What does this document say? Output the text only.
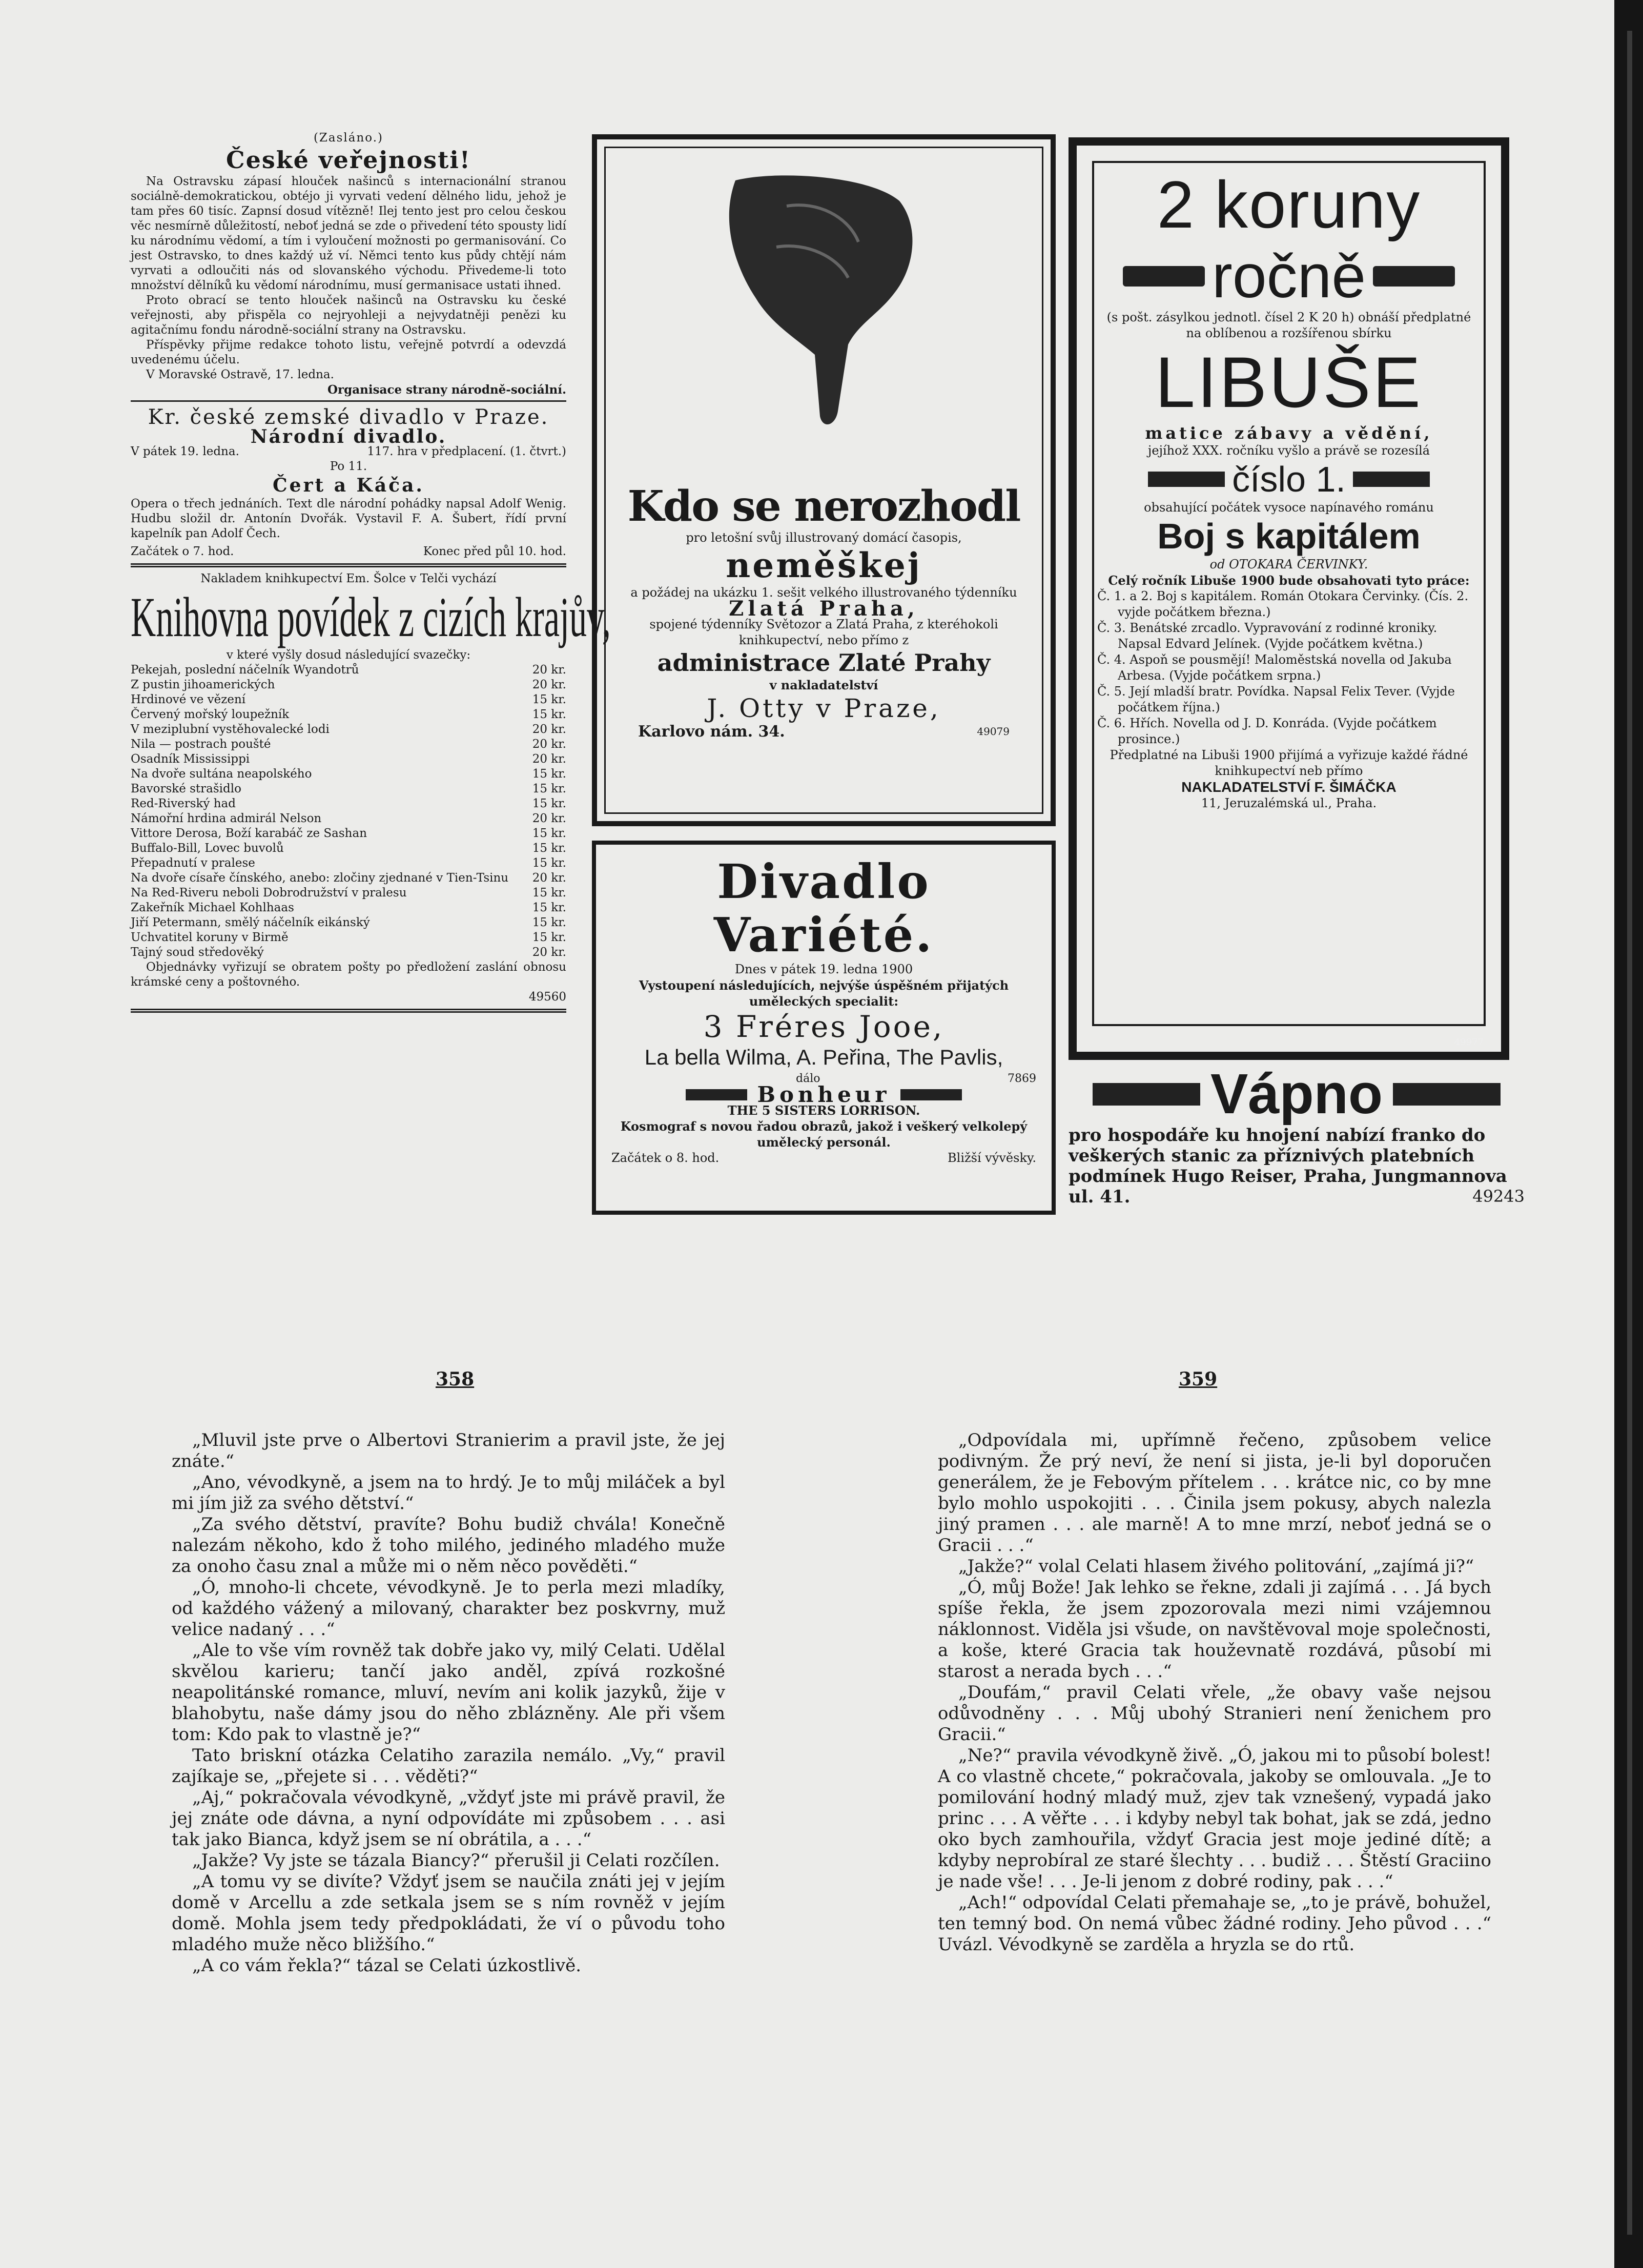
(Zasláno.)
České veřejnosti!
Na Ostravsku zápasí hlouček našinců s internacionální stranou sociálně-demokratickou, obtéjo ji vyrvati vedení dělného lidu, jehož je tam přes 60 tisíc. Zapnsí dosud vítězně! Ilej tento jest pro celou českou věc nesmírně důležitostí, neboť jedná se zde o přivedení této spousty lidí ku národnímu vědomí, a tím i vyloučení možnosti po germanisování. Co jest Ostravsko, to dnes každý už ví. Němci tento kus půdy chtějí nám vyrvati a odloučiti nás od slovanského východu. Přivedeme-li toto množství dělníků ku vědomí národnímu, musí germanisace ustati ihned.
Proto obrací se tento hlouček našinců na Ostravsku ku české veřejnosti, aby přispěla co nejryohleji a nejvydatněji penězi ku agitačnímu fondu národně-sociální strany na Ostravsku.
Příspěvky přijme redakce tohoto listu, veřejně potvrdí a odevzdá uvedenému účelu.
V Moravské Ostravě, 17. ledna.
Organisace strany národně-sociální.
Kr. české zemské divadlo v Praze.
Národní divadlo.
V pátek 19. ledna.	117. hra v předplacení. (1. čtvrt.)
Po 11.
Čert a Káča.
Opera o třech jednáních. Text dle národní pohádky napsal Adolf Wenig. Hudbu složil dr. Antonín Dvořák. Vystavil F. A. Šubert, řídí první kapelník pan Adolf Čech.
Začátek o 7. hod.	Konec před půl 10. hod.
Nakladem knihkupectví Em. Šolce v Telči vychází
Knihovna povídek z cizích krajův,
v které vyšly dosud následující svazečky:
Pekejah, poslední náčelník Wyandotrů	20 kr.
Z pustin jihoamerických	20 kr.
Hrdinové ve vězení	15 kr.
Červený mořský loupežník	15 kr.
V meziplubní vystěhovalecké lodi	20 kr.
Nila — postrach poušté	20 kr.
Osadník Mississippi	20 kr.
Na dvoře sultána neapolského	15 kr.
Bavorské strašidlo	15 kr.
Red-Riverský had	15 kr.
Námořní hrdina admirál Nelson	20 kr.
Vittore Derosa, Boží karabáč ze Sashan	15 kr.
Buffalo-Bill, Lovec buvolů	15 kr.
Přepadnutí v pralese	15 kr.
Na dvoře císaře čínského, anebo: zločiny zjednané v Tien-Tsinu 20 kr.
Na Red-Riveru neboli Dobrodružství v pralesu	15 kr.
Zakeřník Michael Kohlhaas	15 kr.
Jiří Petermann, smělý náčelník eikánský	15 kr.
Uchvatitel koruny v Birmě	15 kr.
Tajný soud středověký	20 kr.
Objednávky vyřizují se obratem pošty po předložení zaslání obnosu krámské ceny a poštovného.
49560
Kdo se nerozhodl
pro letošní svůj illustrovaný domácí časopis,
neměškej
a požádej na ukázku 1. sešit velkého illustrovaného týdenníku
Zlatá Praha,
spojené týdenníky Světozor a Zlatá Praha, z kteréhokoli knihkupectví, nebo přímo z
administrace Zlaté Prahy
v nakladatelství
J. Otty v Praze,
Karlovo nám. 34.	49079
Divadlo Variété.
Dnes v pátek 19. ledna 1900
Vystoupení následujících, nejvýše úspěšném přijatých uměleckých specialit:
3 Fréres Jooe,
La bella Wilma, A. Peřina, The Pavlis,
dálo	7869
Bonheur
THE 5 SISTERS LORRISON.
Kosmograf s novou řadou obrazů, jakož i veškerý velkolepý umělecký personál.
Začátek o 8. hod.	Bližší vývěsky.
2 koruny
ročně
(s pošt. zásylkou jednotl. čísel 2 K 20 h) obnáší předplatné na oblíbenou a rozšířenou sbírku
LIBUŠE
matice zábavy a vědění,
jejíhož XXX. ročníku vyšlo a právě se rozesílá
číslo 1.
obsahující počátek vysoce napínavého románu
Boj s kapitálem
od OTOKARA ČERVINKY.
Celý ročník Libuše 1900 bude obsahovati tyto práce:
Č. 1. a 2. Boj s kapitálem. Román Otokara Červinky. (Čís. 2. vyjde počátkem března.)
Č. 3. Benátské zrcadlo. Vypravování z rodinné kroniky. Napsal Edvard Jelínek. (Vyjde počátkem května.)
Č. 4. Aspoň se pousmějí! Maloměstská novella od Jakuba Arbesa. (Vyjde počátkem srpna.)
Č. 5. Její mladší bratr. Povídka. Napsal Felix Tever. (Vyjde počátkem října.)
Č. 6. Hřích. Novella od J. D. Konráda. (Vyjde počátkem prosince.)
Předplatné na Libuši 1900 přijímá a vyřizuje každé řádné knihkupectví neb přímo
NAKLADATELSTVÍ F. ŠIMÁČKA
11, Jeruzalémská ul., Praha.
49977
Vápno
pro hospodáře ku hnojení nabízí franko do veškerých stanic za příznivých platebních podmínek Hugo Reiser, Praha, Jungmannova ul. 41.	49243
358	359

„Mluvil jste prve o Albertovi Stranierim a pravil jste, že jej znáte.“

„Ano, vévodkyně, a jsem na to hrdý. Je to můj miláček a byl mi jím již za svého dětství.“

„Za svého dětství, pravíte? Bohu budiž chvála! Konečně nalezám někoho, kdo ž toho milého, jediného mladého muže za onoho času znal a může mi o něm něco pověděti.“

„Ó, mnoho-li chcete, vévodkyně. Je to perla mezi mladíky, od každého vážený a milovaný, charakter bez poskvrny, muž velice nadaný . . .“

„Ale to vše vím rovněž tak dobře jako vy, milý Celati. Udělal skvělou karieru; tančí jako anděl, zpívá rozkošné neapolitánské romance, mluví, nevím ani kolik jazyků, žije v blahobytu, naše dámy jsou do něho zblázněny. Ale při všem tom: Kdo pak to vlastně je?“

Tato briskní otázka Celatiho zarazila nemálo. „Vy,“ pravil zajíkaje se, „přejete si . . . věděti?“

„Aj,“ pokračovala vévodkyně, „vždyť jste mi právě pravil, že jej znáte ode dávna, a nyní odpovídáte mi způsobem . . . asi tak jako Bianca, když jsem se ní obrátila, a . . .“

„Jakže? Vy jste se tázala Biancy?“ přerušil ji Celati rozčílen.

„A tomu vy se divíte? Vždyť jsem se naučila znáti jej v jejím domě v Arcellu a zde setkala jsem se s ním rovněž v jejím domě. Mohla jsem tedy předpokládati, že ví o původu toho mladého muže něco bližšího.“

„A co vám řekla?“ tázal se Celati úzkostlivě.

„Odpovídala mi, upřímně řečeno, způsobem velice podivným. Že prý neví, že není si jista, je-li byl doporučen generálem, že je Febovým přítelem . . . krátce nic, co by mne bylo mohlo uspokojiti . . . Činila jsem pokusy, abych nalezla jiný pramen . . . ale marně! A to mne mrzí, neboť jedná se o Gracii . . .“

„Jakže?“ volal Celati hlasem živého politování, „zajímá ji?“

„Ó, můj Bože! Jak lehko se řekne, zdali ji zajímá . . . Já bych spíše řekla, že jsem zpozorovala mezi nimi vzájemnou náklonnost. Viděla jsi všude, on navštěvoval moje společnosti, a koše, které Gracia tak houževnatě rozdává, působí mi starost a nerada bych . . .“

„Doufám,“ pravil Celati vřele, „že obavy vaše nejsou odůvodněny . . . Můj ubohý Stranieri není ženichem pro Gracii.“

„Ne?“ pravila vévodkyně živě. „Ó, jakou mi to působí bolest! A co vlastně chcete,“ pokračovala, jakoby se omlouvala. „Je to pomilování hodný mladý muž, zjev tak vznešený, vypadá jako princ . . . A věřte . . . i kdyby nebyl tak bohat, jak se zdá, jedno oko bych zamhouřila, vždyť Gracia jest moje jediné dítě; a kdyby neprobíral ze staré šlechty . . . budiž . . . Štěstí Graciino je nade vše! . . . Je-li jenom z dobré rodiny, pak . . .“

„Ach!“ odpovídal Celati přemahaje se, „to je právě, bohužel, ten temný bod. On nemá vůbec žádné rodiny. Jeho původ . . .“ Uvázl. Vévodkyně se zarděla a hryzla se do rtů.
